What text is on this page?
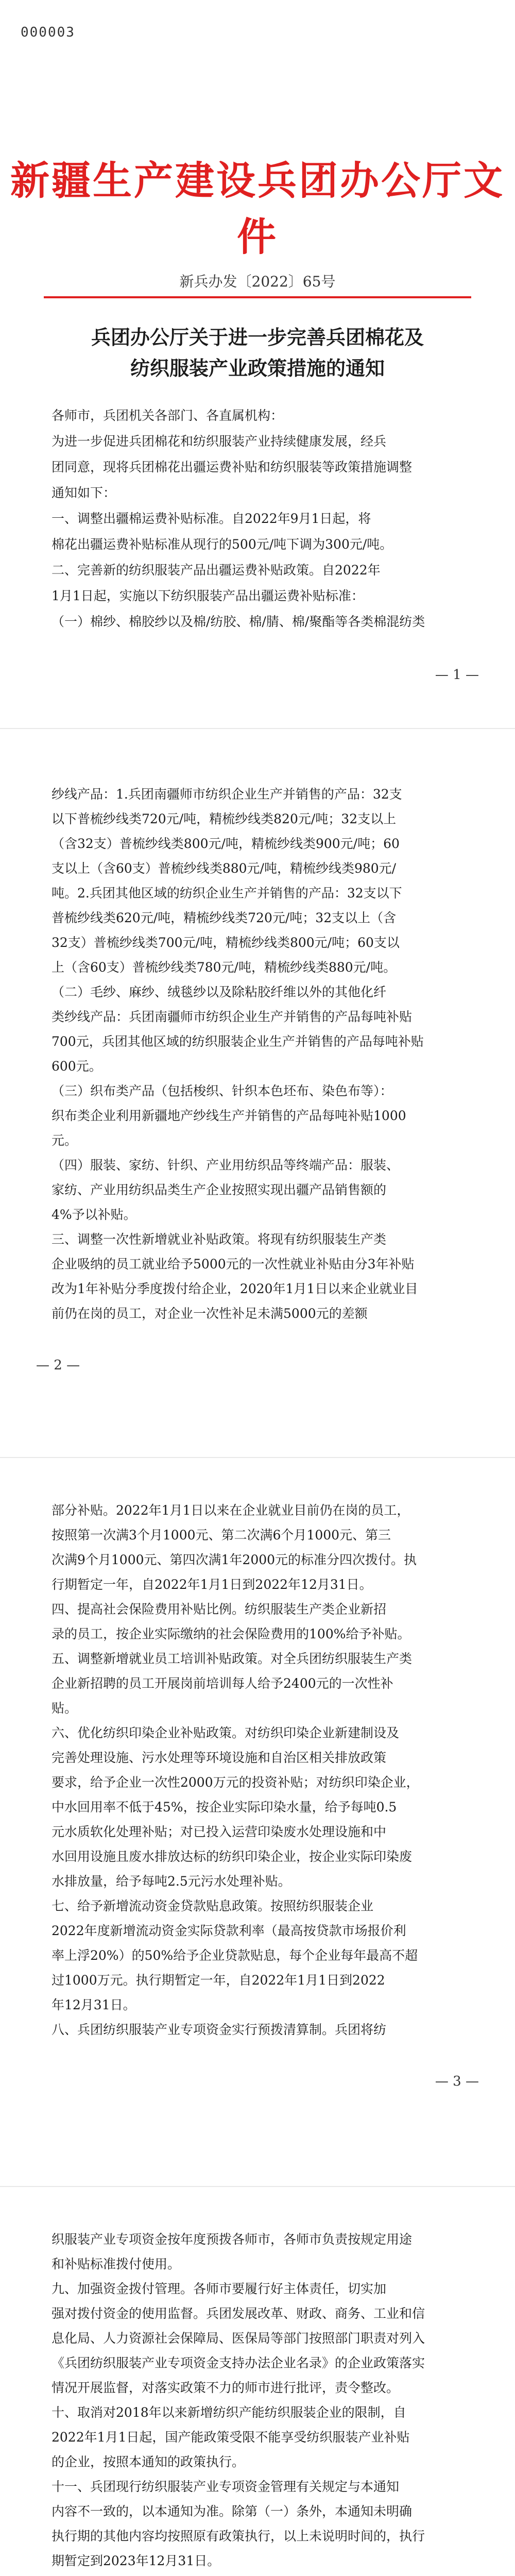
000003
新疆生产建设兵团办公厅文件
新兵办发〔2022〕65号
兵团办公厅关于进一步完善兵团棉花及
纺织服装产业政策措施的通知
各师市，兵团机关各部门、各直属机构：
为进一步促进兵团棉花和纺织服装产业持续健康发展，经兵
团同意，现将兵团棉花出疆运费补贴和纺织服装等政策措施调整
通知如下：
一、调整出疆棉运费补贴标准。自2022年9月1日起，将
棉花出疆运费补贴标准从现行的500元/吨下调为300元/吨。
二、完善新的纺织服装产品出疆运费补贴政策。自2022年
1月1日起，实施以下纺织服装产品出疆运费补贴标准：
（一）棉纱、棉胶纱以及棉/纺胶、棉/腈、棉/聚酯等各类棉混纺类
— 1 —
纱线产品：1.兵团南疆师市纺织企业生产并销售的产品：32支
以下普梳纱线类720元/吨，精梳纱线类820元/吨；32支以上
（含32支）普梳纱线类800元/吨，精梳纱线类900元/吨；60
支以上（含60支）普梳纱线类880元/吨，精梳纱线类980元/
吨。2.兵团其他区域的纺织企业生产并销售的产品：32支以下
普梳纱线类620元/吨，精梳纱线类720元/吨；32支以上（含
32支）普梳纱线类700元/吨，精梳纱线类800元/吨；60支以
上（含60支）普梳纱线类780元/吨，精梳纱线类880元/吨。
（二）毛纱、麻纱、绒毯纱以及除粘胶纤维以外的其他化纤
类纱线产品：兵团南疆师市纺织企业生产并销售的产品每吨补贴
700元，兵团其他区域的纺织服装企业生产并销售的产品每吨补贴
600元。
（三）织布类产品（包括梭织、针织本色坯布、染色布等）：
织布类企业利用新疆地产纱线生产并销售的产品每吨补贴1000
元。
（四）服装、家纺、针织、产业用纺织品等终端产品：服装、
家纺、产业用纺织品类生产企业按照实现出疆产品销售额的
4%予以补贴。
三、调整一次性新增就业补贴政策。将现有纺织服装生产类
企业吸纳的员工就业给予5000元的一次性就业补贴由分3年补贴
改为1年补贴分季度拨付给企业，2020年1月1日以来企业就业目
前仍在岗的员工，对企业一次性补足未满5000元的差额
— 2 —
部分补贴。2022年1月1日以来在企业就业目前仍在岗的员工，
按照第一次满3个月1000元、第二次满6个月1000元、第三
次满9个月1000元、第四次满1年2000元的标准分四次拨付。执
行期暂定一年，自2022年1月1日到2022年12月31日。
四、提高社会保险费用补贴比例。纺织服装生产类企业新招
录的员工，按企业实际缴纳的社会保险费用的100%给予补贴。
五、调整新增就业员工培训补贴政策。对全兵团纺织服装生产类
企业新招聘的员工开展岗前培训每人给予2400元的一次性补
贴。
六、优化纺织印染企业补贴政策。对纺织印染企业新建制设及
完善处理设施、污水处理等环境设施和自治区相关排放政策
要求，给予企业一次性2000万元的投资补贴；对纺织印染企业，
中水回用率不低于45%，按企业实际印染水量，给予每吨0.5
元水质软化处理补贴；对已投入运营印染废水处理设施和中
水回用设施且废水排放达标的纺织印染企业，按企业实际印染废
水排放量，给予每吨2.5元污水处理补贴。
七、给予新增流动资金贷款贴息政策。按照纺织服装企业
2022年度新增流动资金实际贷款利率（最高按贷款市场报价利
率上浮20%）的50%给予企业贷款贴息，每个企业每年最高不超
过1000万元。执行期暂定一年，自2022年1月1日到2022
年12月31日。
八、兵团纺织服装产业专项资金实行预拨清算制。兵团将纺
— 3 —
织服装产业专项资金按年度预拨各师市，各师市负责按规定用途
和补贴标准拨付使用。
九、加强资金拨付管理。各师市要履行好主体责任，切实加
强对拨付资金的使用监督。兵团发展改革、财政、商务、工业和信
息化局、人力资源社会保障局、医保局等部门按照部门职责对列入
《兵团纺织服装产业专项资金支持办法企业名录》的企业政策落实
情况开展监督，对落实政策不力的师市进行批评，责令整改。
十、取消对2018年以来新增纺织产能纺织服装企业的限制，自
2022年1月1日起，国产能政策受限不能享受纺织服装产业补贴
的企业，按照本通知的政策执行。
十一、兵团现行纺织服装产业专项资金管理有关规定与本通知
内容不一致的，以本通知为准。除第（一）条外，本通知未明确
执行期的其他内容均按照原有政策执行，以上未说明时间的，执行
期暂定到2023年12月31日。
